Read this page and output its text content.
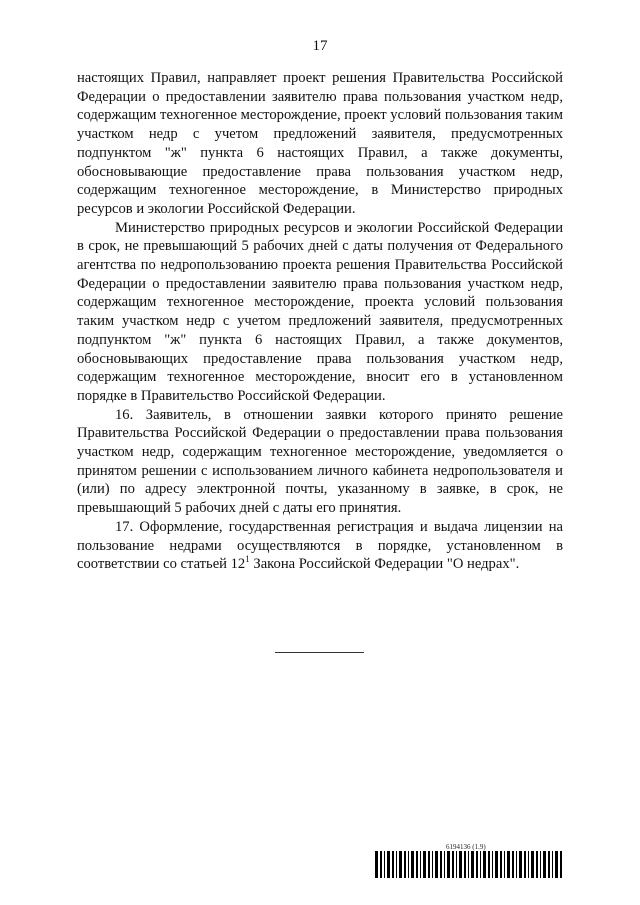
17

настоящих Правил, направляет проект решения Правительства Российской Федерации о предоставлении заявителю права пользования участком недр, содержащим техногенное месторождение, проект условий пользования таким участком недр с учетом предложений заявителя, предусмотренных подпунктом "ж" пункта 6 настоящих Правил, а также документы, обосновывающие предоставление права пользования участком недр, содержащим техногенное месторождение, в Министерство природных ресурсов и экологии Российской Федерации.

Министерство природных ресурсов и экологии Российской Федерации в срок, не превышающий 5 рабочих дней с даты получения от Федерального агентства по недропользованию проекта решения Правительства Российской Федерации о предоставлении заявителю права пользования участком недр, содержащим техногенное месторождение, проекта условий пользования таким участком недр с учетом предложений заявителя, предусмотренных подпунктом "ж" пункта 6 настоящих Правил, а также документов, обосновывающих предоставление права пользования участком недр, содержащим техногенное месторождение, вносит его в установленном порядке в Правительство Российской Федерации.

16. Заявитель, в отношении заявки которого принято решение Правительства Российской Федерации о предоставлении права пользования участком недр, содержащим техногенное месторождение, уведомляется о принятом решении с использованием личного кабинета недропользователя и (или) по адресу электронной почты, указанному в заявке, в срок, не превышающий 5 рабочих дней с даты его принятия.

17. Оформление, государственная регистрация и выдача лицензии на пользование недрами осуществляются в порядке, установленном в соответствии со статьей $12^1$ Закона Российской Федерации "О недрах".

6194136 (1.9)
